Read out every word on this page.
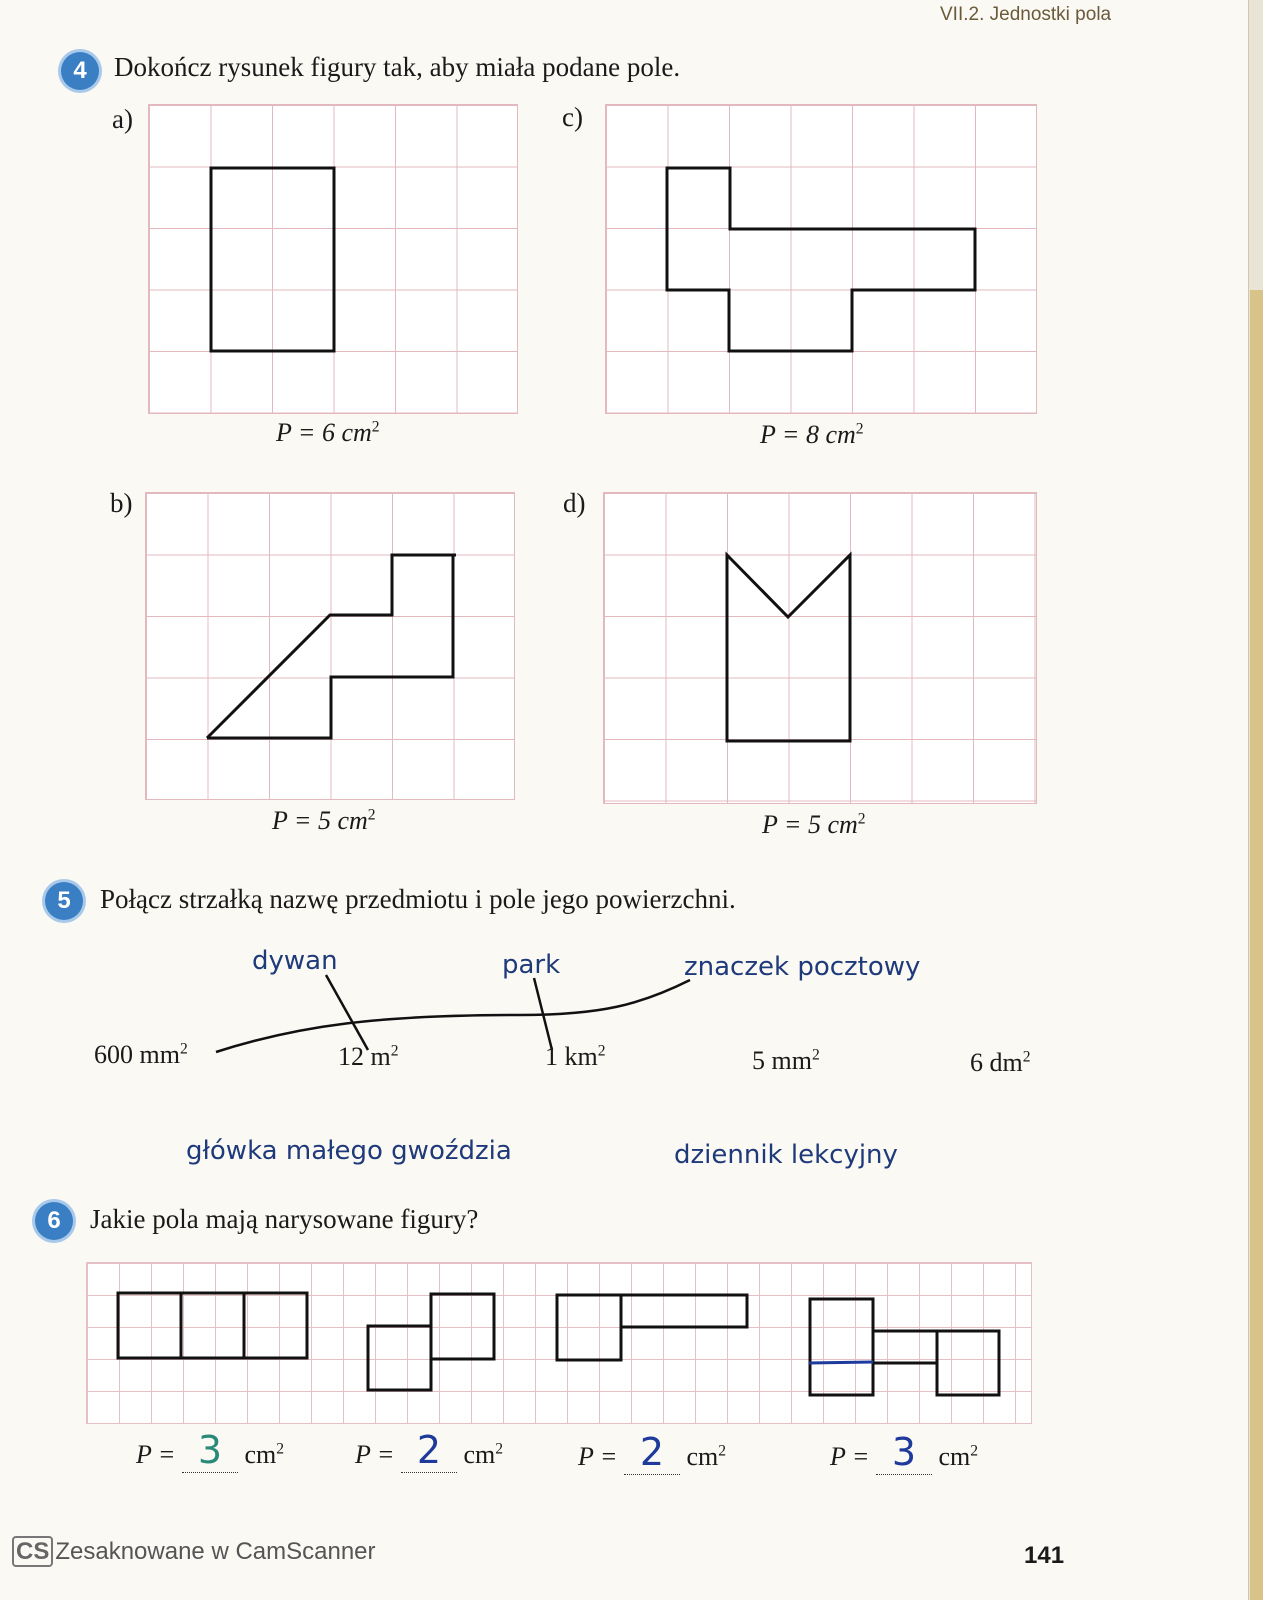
VII.2. Jednostki pola
4	Dokończ rysunek figury tak, aby miała podane pole.
a)
P = 6 $cm^2$
c)
P = 8 $cm^2$
b)
P = 5 $cm^2$
d)
P = 5 $cm^2$
5	Połącz strzałką nazwę przedmiotu i pole jego powierzchni.
dywan	park	znaczek pocztowy
600 $mm^2$	12 $m^2$	1 $km^2$	5 $mm^2$	6 $dm^2$
główka małego gwoździa	dziennik lekcyjny
6	Jakie pola mają narysowane figury?
P = 3 $cm^2$	P = 2 $cm^2$	P = 2 $cm^2$	P = 3 $cm^2$
CS Zesaknowane w CamScanner	141
